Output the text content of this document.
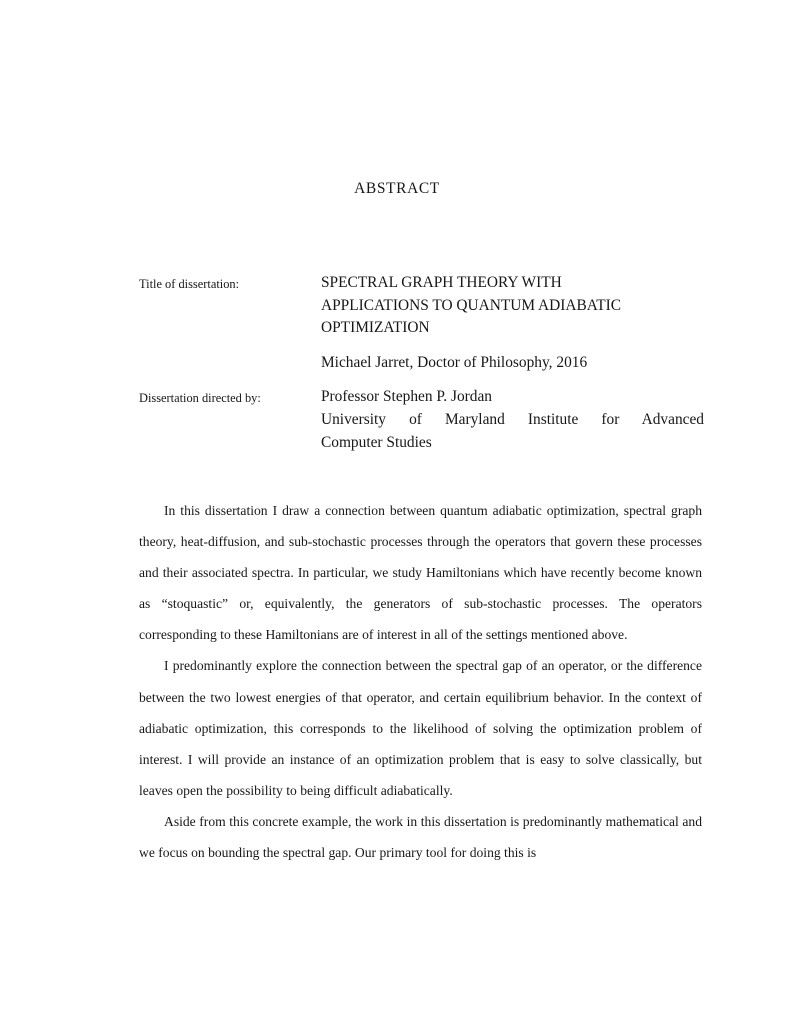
ABSTRACT
Title of dissertation:	SPECTRAL GRAPH THEORY WITH
APPLICATIONS TO QUANTUM ADIABATIC
OPTIMIZATION
Michael Jarret, Doctor of Philosophy, 2016
Dissertation directed by:	Professor Stephen P. Jordan
University of Maryland Institute for Advanced
Computer Studies

In this dissertation I draw a connection between quantum adiabatic optimization, spectral graph theory, heat-diffusion, and sub-stochastic processes through the operators that govern these processes and their associated spectra. In particular, we study Hamiltonians which have recently become known as “stoquastic” or, equivalently, the generators of sub-stochastic processes. The operators corresponding to these Hamiltonians are of interest in all of the settings mentioned above.

I predominantly explore the connection between the spectral gap of an operator, or the difference between the two lowest energies of that operator, and certain equilibrium behavior. In the context of adiabatic optimization, this corresponds to the likelihood of solving the optimization problem of interest. I will provide an instance of an optimization problem that is easy to solve classically, but leaves open the possibility to being difficult adiabatically.

Aside from this concrete example, the work in this dissertation is predominantly mathematical and we focus on bounding the spectral gap. Our primary tool for doing this is
